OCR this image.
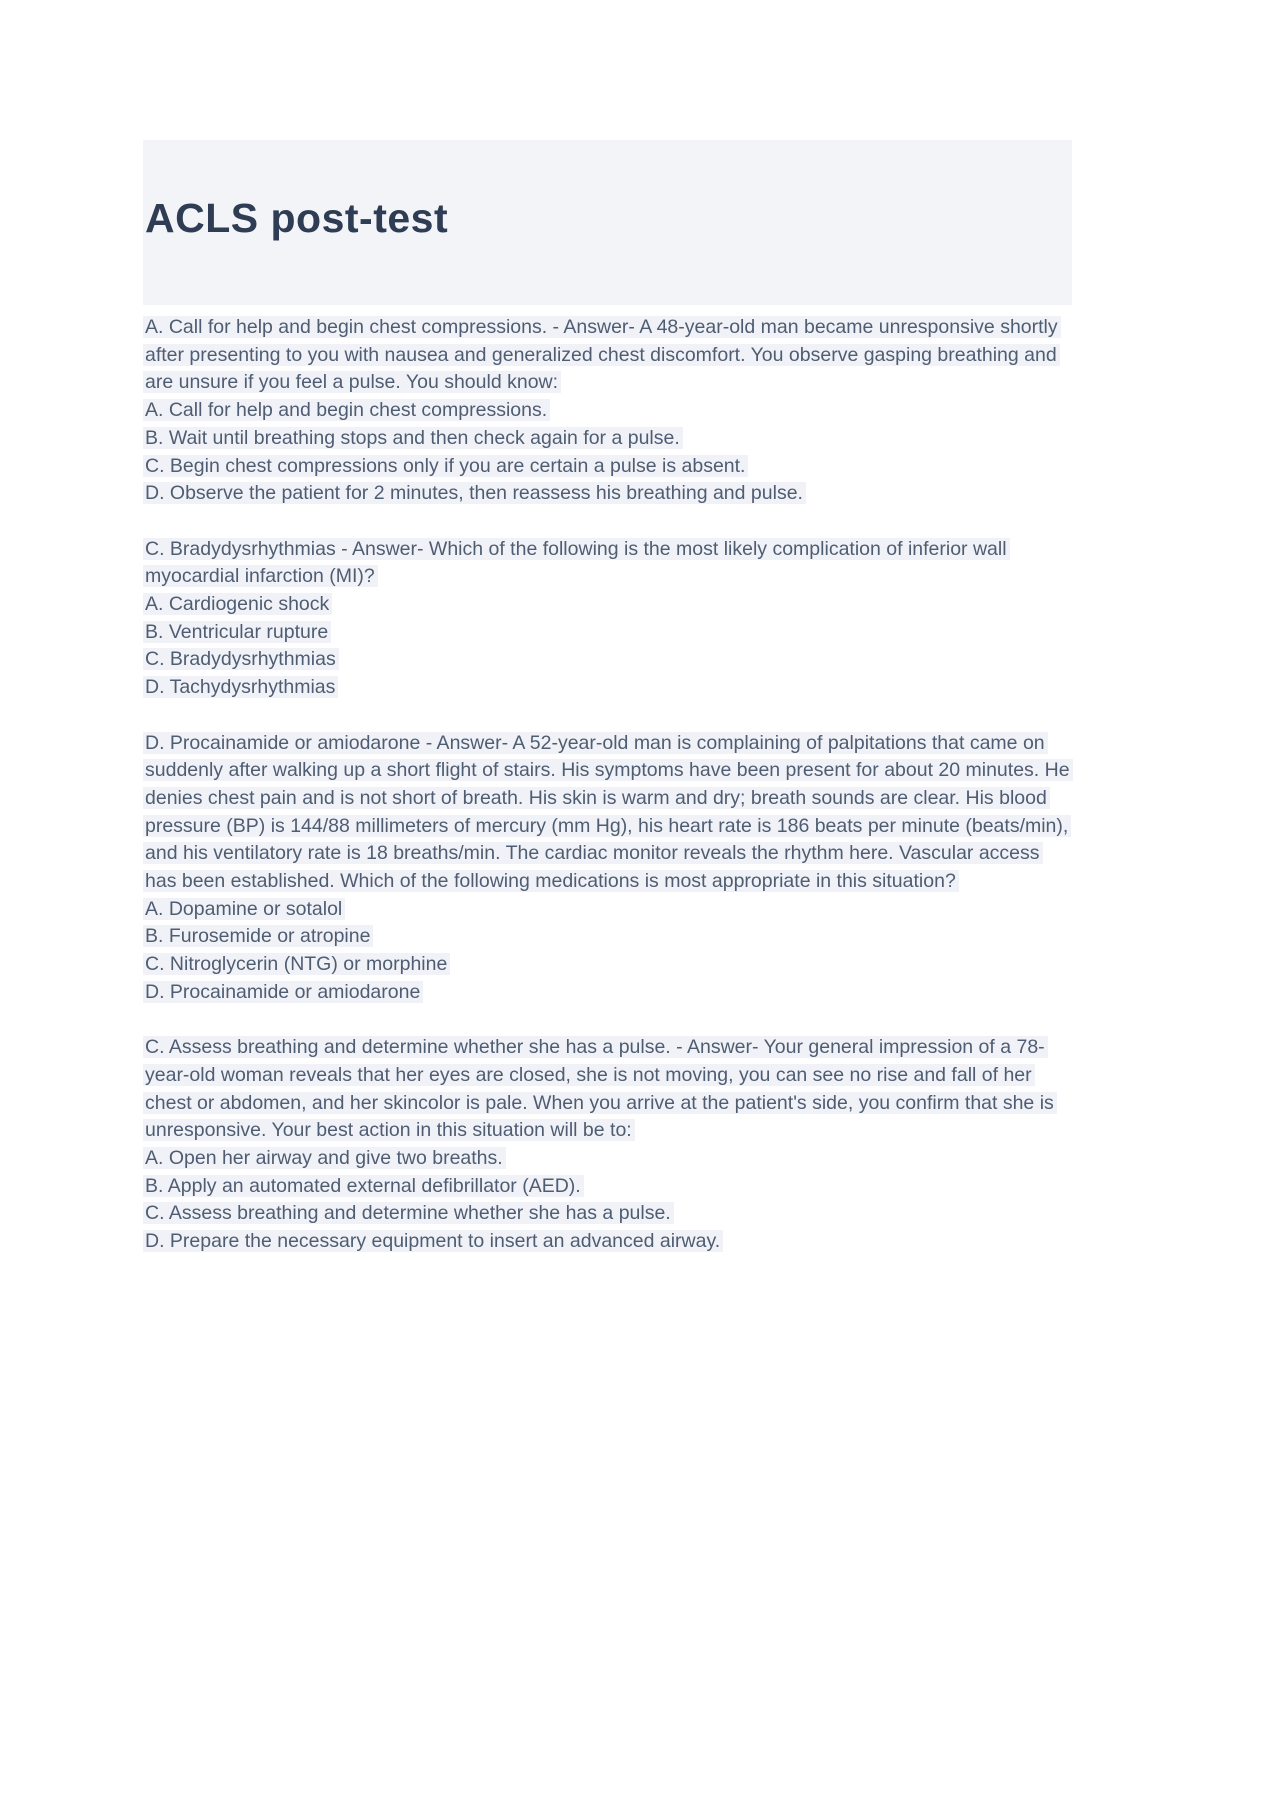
ACLS post-test

A. Call for help and begin chest compressions. - Answer- A 48-year-old man became unresponsive shortly after presenting to you with nausea and generalized chest discomfort. You observe gasping breathing and are unsure if you feel a pulse. You should know:

A. Call for help and begin chest compressions.
B. Wait until breathing stops and then check again for a pulse.
C. Begin chest compressions only if you are certain a pulse is absent.
D. Observe the patient for 2 minutes, then reassess his breathing and pulse.

C. Bradydysrhythmias - Answer- Which of the following is the most likely complication of inferior wall myocardial infarction (MI)?

A. Cardiogenic shock
B. Ventricular rupture
C. Bradydysrhythmias
D. Tachydysrhythmias

D. Procainamide or amiodarone - Answer- A 52-year-old man is complaining of palpitations that came on suddenly after walking up a short flight of stairs. His symptoms have been present for about 20 minutes. He denies chest pain and is not short of breath. His skin is warm and dry; breath sounds are clear. His blood pressure (BP) is 144/88 millimeters of mercury (mm Hg), his heart rate is 186 beats per minute (beats/min), and his ventilatory rate is 18 breaths/min. The cardiac monitor reveals the rhythm here. Vascular access has been established. Which of the following medications is most appropriate in this situation?

A. Dopamine or sotalol
B. Furosemide or atropine
C. Nitroglycerin (NTG) or morphine
D. Procainamide or amiodarone

C. Assess breathing and determine whether she has a pulse. - Answer- Your general impression of a 78-year-old woman reveals that her eyes are closed, she is not moving, you can see no rise and fall of her chest or abdomen, and her skincolor is pale. When you arrive at the patient's side, you confirm that she is unresponsive. Your best action in this situation will be to:

A. Open her airway and give two breaths.
B. Apply an automated external defibrillator (AED).
C. Assess breathing and determine whether she has a pulse.
D. Prepare the necessary equipment to insert an advanced airway.
